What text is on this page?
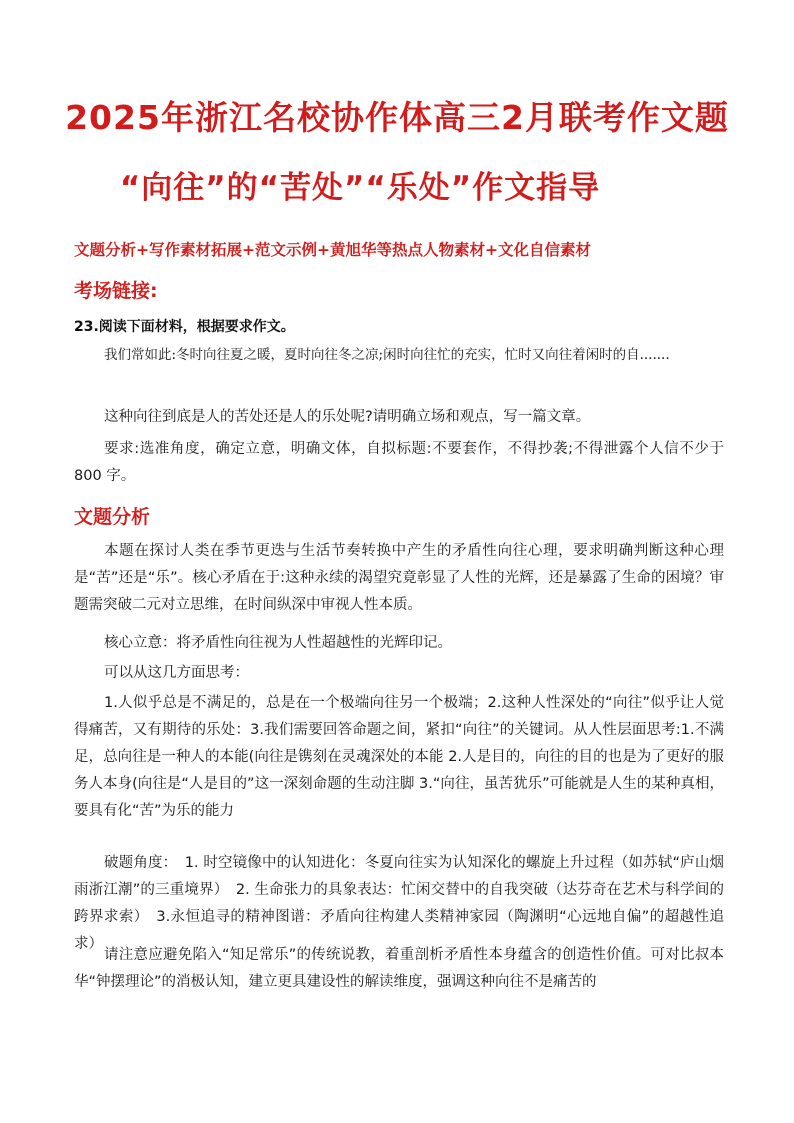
2025年浙江名校协作体高三2月联考作文题
“向往”的“苦处”“乐处”作文指导
文题分析+写作素材拓展+范文示例+黄旭华等热点人物素材+文化自信素材
考场链接:
23.阅读下面材料，根据要求作文。
我们常如此:冬时向往夏之暖，夏时向往冬之凉;闲时向往忙的充实，忙时又向往着闲时的自.......
这种向往到底是人的苦处还是人的乐处呢?请明确立场和观点，写一篇文章。
要求:选准角度，确定立意，明确文体，自拟标题:不要套作，不得抄袭;不得泄露个人信不少于 800 字。
文题分析
本题在探讨人类在季节更迭与生活节奏转换中产生的矛盾性向往心理，要求明确判断这种心理是“苦”还是“乐”。核心矛盾在于:这种永续的渴望究竟彰显了人性的光辉，还是暴露了生命的困境？审题需突破二元对立思维，在时间纵深中审视人性本质。
核心立意：将矛盾性向往视为人性超越性的光辉印记。
可以从这几方面思考：
1.人似乎总是不满足的，总是在一个极端向往另一个极端；2.这种人性深处的“向往”似乎让人觉得痛苦，又有期待的乐处：3.我们需要回答命题之间，紧扣“向往”的关键词。从人性层面思考:1.不满足，总向往是一种人的本能(向往是镌刻在灵魂深处的本能 2.人是目的，向往的目的也是为了更好的服务人本身(向往是“人是目的”这一深刻命题的生动注脚 3.“向往，虽苦犹乐”可能就是人生的某种真相，要具有化“苦”为乐的能力
破题角度：　1. 时空镜像中的认知进化：冬夏向往实为认知深化的螺旋上升过程（如苏轼“庐山烟雨浙江潮”的三重境界）　2. 生命张力的具象表达：忙闲交替中的自我突破（达芬奇在艺术与科学间的跨界求索）　3.永恒追寻的精神图谱：矛盾向往构建人类精神家园（陶渊明“心远地自偏”的超越性追求）
请注意应避免陷入“知足常乐”的传统说教，着重剖析矛盾性本身蕴含的创造性价值。可对比叔本华“钟摆理论”的消极认知，建立更具建设性的解读维度，强调这种向往不是痛苦的
